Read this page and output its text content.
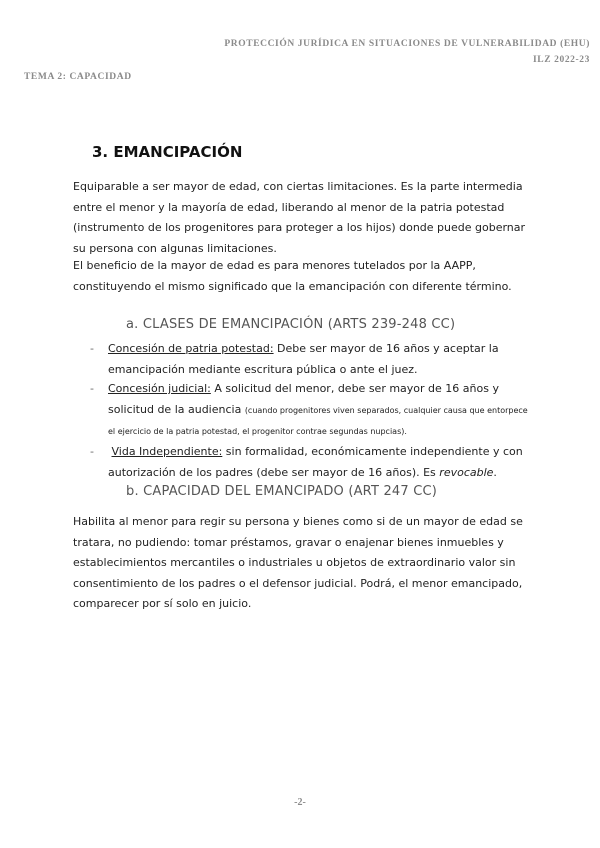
PROTECCIÓN JURÍDICA EN SITUACIONES DE VULNERABILIDAD (EHU)
ILZ 2022-23
TEMA 2: CAPACIDAD
3. EMANCIPACIÓN

Equiparable a ser mayor de edad, con ciertas limitaciones. Es la parte intermedia entre el menor y la mayoría de edad, liberando al menor de la patria potestad (instrumento de los progenitores para proteger a los hijos) donde puede gobernar su persona con algunas limitaciones.

El beneficio de la mayor de edad es para menores tutelados por la AAPP, constituyendo el mismo significado que la emancipación con diferente término.

a. CLASES DE EMANCIPACIÓN (ARTS 239-248 CC)
- Concesión de patria potestad: Debe ser mayor de 16 años y aceptar la emancipación mediante escritura pública o ante el juez.
- Concesión judicial: A solicitud del menor, debe ser mayor de 16 años y solicitud de la audiencia (cuando progenitores viven separados, cualquier causa que entorpece el ejercicio de la patria potestad, el progenitor contrae segundas nupcias).
-	Vida Independiente: sin formalidad, económicamente independiente y con autorización de los padres (debe ser mayor de 16 años). Es revocable.
b. CAPACIDAD DEL EMANCIPADO (ART 247 CC)

Habilita al menor para regir su persona y bienes como si de un mayor de edad se tratara, no pudiendo: tomar préstamos, gravar o enajenar bienes inmuebles y establecimientos mercantiles o industriales u objetos de extraordinario valor sin consentimiento de los padres o el defensor judicial. Podrá, el menor emancipado, comparecer por sí solo en juicio.

-2-
